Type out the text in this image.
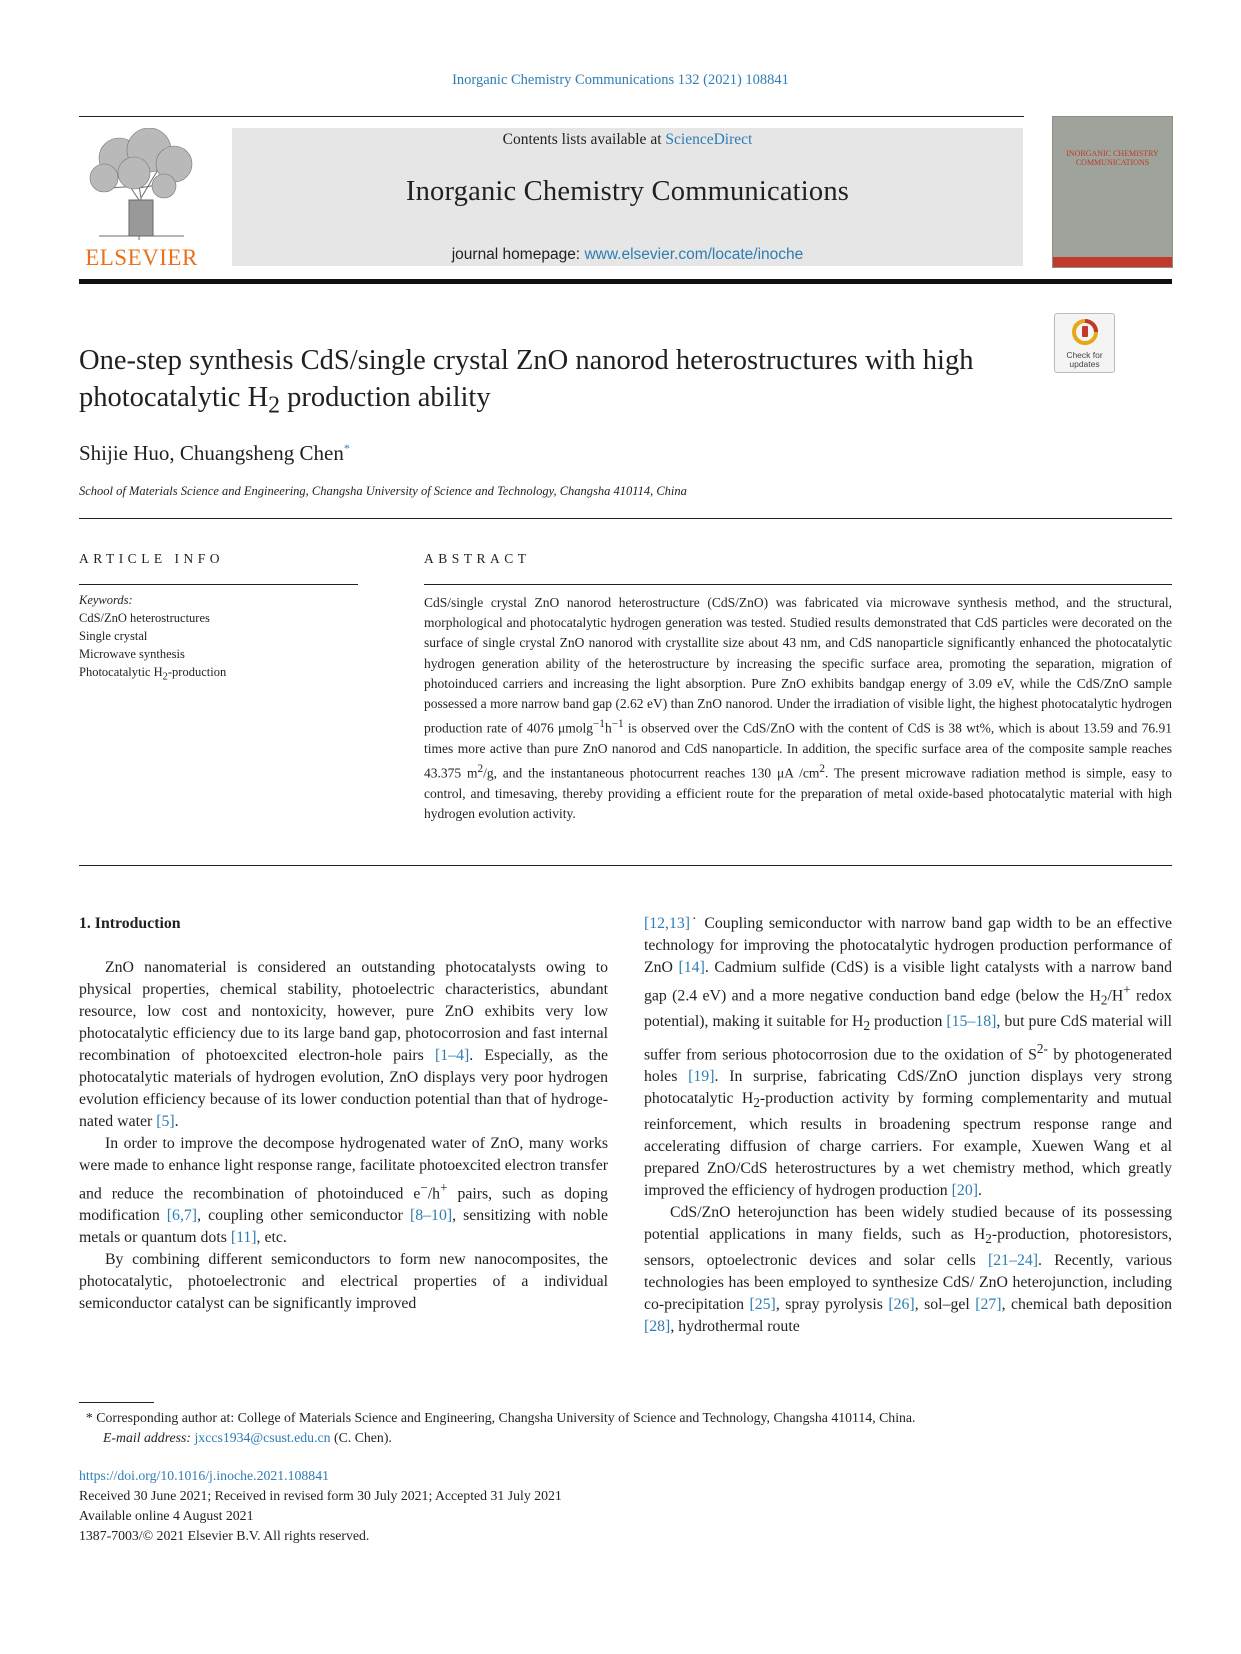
Inorganic Chemistry Communications 132 (2021) 108841
ELSEVIER
Contents lists available at ScienceDirect
Inorganic Chemistry Communications
journal homepage: www.elsevier.com/locate/inoche
INORGANIC CHEMISTRY COMMUNICATIONS
One-step synthesis CdS/single crystal ZnO nanorod heterostructures with high photocatalytic $H_2$ production ability
Check for updates
Shijie Huo, Chuangsheng Chen*
School of Materials Science and Engineering, Changsha University of Science and Technology, Changsha 410114, China
ARTICLE INFO
Keywords:
CdS/ZnO heterostructures
Single crystal
Microwave synthesis
Photocatalytic $H_2$-production
ABSTRACT
CdS/single crystal ZnO nanorod heterostructure (CdS/ZnO) was fabricated via microwave synthesis method, and the structural, morphological and photocatalytic hydrogen generation was tested. Studied results demonstrated that CdS particles were decorated on the surface of single crystal ZnO nanorod with crystallite size about 43 nm, and CdS nanoparticle significantly enhanced the photocatalytic hydrogen generation ability of the heterostructure by increasing the specific surface area, promoting the separation, migration of photoinduced carriers and increasing the light absorption. Pure ZnO exhibits bandgap energy of 3.09 eV, while the CdS/ZnO sample possessed a more narrow band gap (2.62 eV) than ZnO nanorod. Under the irradiation of visible light, the highest photocatalytic hydrogen production rate of 4076 $\mu molg^{-1}h^{-1}$ is observed over the CdS/ZnO with the content of CdS is 38 wt%, which is about 13.59 and 76.91 times more active than pure ZnO nanorod and CdS nanoparticle. In addition, the specific surface area of the composite sample reaches 43.375 $m^2/g$, and the instantaneous photocurrent reaches 130 μA $/cm^2$. The present microwave radiation method is simple, easy to control, and timesaving, thereby providing a efficient route for the preparation of metal oxide-based photocatalytic material with high hydrogen evolution activity.
1. Introduction

ZnO nanomaterial is considered an outstanding photocatalysts owing to physical properties, chemical stability, photoelectric characteristics, abundant resource, low cost and nontoxicity, however, pure ZnO exhibits very low photocatalytic efficiency due to its large band gap, photocorrosion and fast internal recombination of photoexcited electron-hole pairs [1–4]. Especially, as the photocatalytic materials of hydrogen evolution, ZnO displays very poor hydrogen evolution efficiency because of its lower conduction potential than that of hydrogenated water [5].

In order to improve the decompose hydrogenated water of ZnO, many works were made to enhance light response range, facilitate photoexcited electron transfer and reduce the recombination of photoinduced e−/h+ pairs, such as doping modification [6,7], coupling other semiconductor [8–10], sensitizing with noble metals or quantum dots [11], etc.

By combining different semiconductors to form new nanocomposites, the photocatalytic, photoelectronic and electrical properties of a individual semiconductor catalyst can be significantly improved

[12,13]˙ Coupling semiconductor with narrow band gap width to be an effective technology for improving the photocatalytic hydrogen production performance of ZnO [14]. Cadmium sulfide (CdS) is a visible light catalysts with a narrow band gap (2.4 eV) and a more negative conduction band edge (below the $H_2/H^+$ redox potential), making it suitable for $H_2$ production [15–18], but pure CdS material will suffer from serious photocorrosion due to the oxidation of $S^{2-}$ by photogenerated holes [19]. In surprise, fabricating CdS/ZnO junction displays very strong photocatalytic $H_2$-production activity by forming complementarity and mutual reinforcement, which results in broadening spectrum response range and accelerating diffusion of charge carriers. For example, Xuewen Wang et al prepared ZnO/CdS heterostructures by a wet chemistry method, which greatly improved the efficiency of hydrogen production [20].

CdS/ZnO heterojunction has been widely studied because of its possessing potential applications in many fields, such as $H_2$-production, photoresistors, sensors, optoelectronic devices and solar cells [21–24]. Recently, various technologies has been employed to synthesize CdS/ ZnO heterojunction, including co-precipitation [25], spray pyrolysis [26], sol–gel [27], chemical bath deposition [28], hydrothermal route

* Corresponding author at: College of Materials Science and Engineering, Changsha University of Science and Technology, Changsha 410114, China.
E-mail address: jxccs1934@csust.edu.cn (C. Chen).
https://doi.org/10.1016/j.inoche.2021.108841
Received 30 June 2021; Received in revised form 30 July 2021; Accepted 31 July 2021
Available online 4 August 2021
1387-7003/© 2021 Elsevier B.V. All rights reserved.
